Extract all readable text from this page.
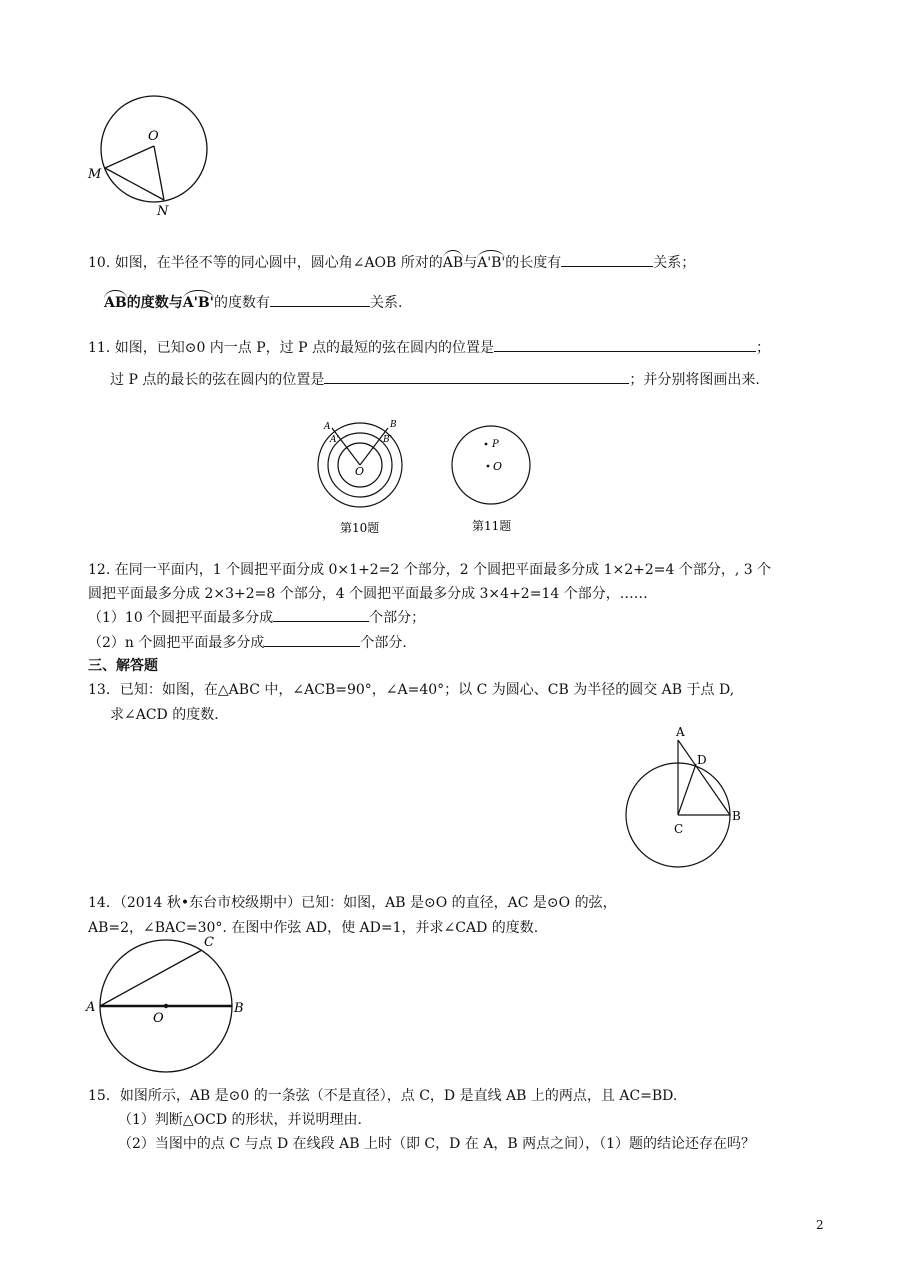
O
M
N
10. 如图，在半径不等的同心圆中，圆心角∠AOB 所对的AB与A'B'的长度有	关系；
AB的度数与A'B'的度数有	关系.
11. 如图，已知⊙0 内一点 P，过 P 点的最短的弦在圆内的位置是	；
过 P 点的最长的弦在圆内的位置是	；并分别将图画出来.
A	B
A'	B'
O
第10题
P
O
第11题
12. 在同一平面内，1 个圆把平面分成 0×1+2=2 个部分，2 个圆把平面最多分成 1×2+2=4 个部分，, 3 个
圆把平面最多分成 2×3+2=8 个部分，4 个圆把平面最多分成 3×4+2=14 个部分，……
（1）10 个圆把平面最多分成	个部分；
（2）n 个圆把平面最多分成	个部分.
三、解答题
13．已知：如图，在△ABC 中，∠ACB=90°，∠A=40°；以 C 为圆心、CB 为半径的圆交 AB 于点 D,
求∠ACD 的度数.
A
D
B
C
14．（2014 秋•东台市校级期中）已知：如图，AB 是⊙O 的直径，AC 是⊙O 的弦，
AB=2，∠BAC=30°. 在图中作弦 AD，使 AD=1，并求∠CAD 的度数.
C
A	B
O
15．如图所示，AB 是⊙0 的一条弦（不是直径），点 C，D 是直线 AB 上的两点，且 AC=BD.
（1）判断△OCD 的形状，并说明理由.
（2）当图中的点 C 与点 D 在线段 AB 上时（即 C，D 在 A，B 两点之间），（1）题的结论还存在吗？
2
